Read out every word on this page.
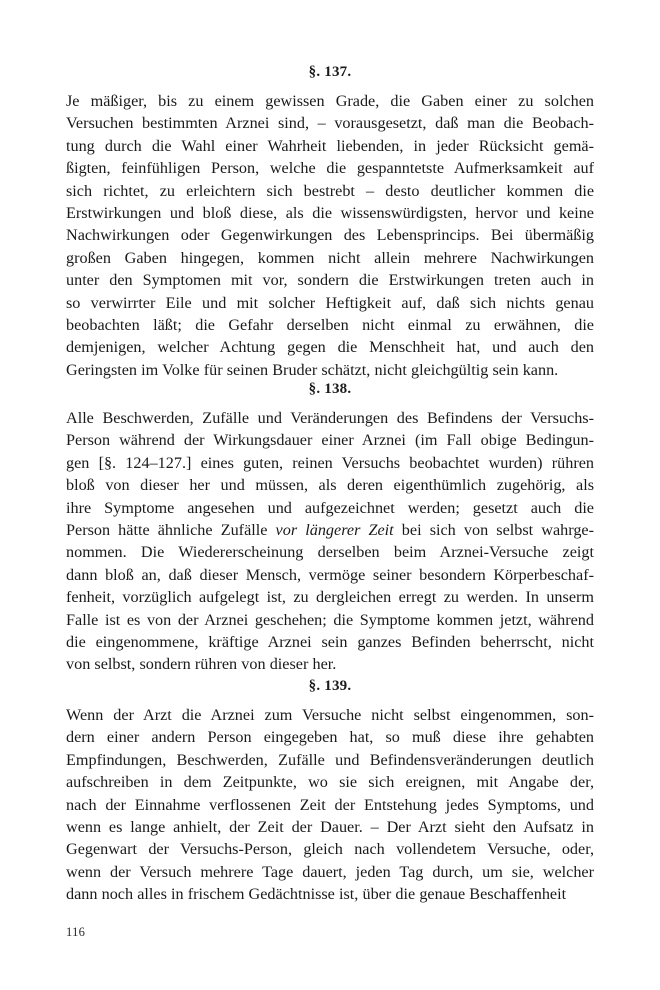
§. 137.
Je mäßiger, bis zu einem gewissen Grade, die Gaben einer zu solchen
Versuchen bestimmten Arznei sind, – vorausgesetzt, daß man die Beobach-
tung durch die Wahl einer Wahrheit liebenden, in jeder Rücksicht gemä-
ßigten, feinfühligen Person, welche die gespanntetste Aufmerksamkeit auf
sich richtet, zu erleichtern sich bestrebt – desto deutlicher kommen die
Erstwirkungen und bloß diese, als die wissenswürdigsten, hervor und keine
Nachwirkungen oder Gegenwirkungen des Lebensprincips. Bei übermäßig
großen Gaben hingegen, kommen nicht allein mehrere Nachwirkungen
unter den Symptomen mit vor, sondern die Erstwirkungen treten auch in
so verwirrter Eile und mit solcher Heftigkeit auf, daß sich nichts genau
beobachten läßt; die Gefahr derselben nicht einmal zu erwähnen, die
demjenigen, welcher Achtung gegen die Menschheit hat, und auch den
Geringsten im Volke für seinen Bruder schätzt, nicht gleichgültig sein kann.
§. 138.
Alle Beschwerden, Zufälle und Veränderungen des Befindens der Versuchs-
Person während der Wirkungsdauer einer Arznei (im Fall obige Bedingun-
gen [§. 124–127.] eines guten, reinen Versuchs beobachtet wurden) rühren
bloß von dieser her und müssen, als deren eigenthümlich zugehörig, als
ihre Symptome angesehen und aufgezeichnet werden; gesetzt auch die
Person hätte ähnliche Zufälle vor längerer Zeit bei sich von selbst wahrge-
nommen. Die Wiedererscheinung derselben beim Arznei-Versuche zeigt
dann bloß an, daß dieser Mensch, vermöge seiner besondern Körperbeschaf-
fenheit, vorzüglich aufgelegt ist, zu dergleichen erregt zu werden. In unserm
Falle ist es von der Arznei geschehen; die Symptome kommen jetzt, während
die eingenommene, kräftige Arznei sein ganzes Befinden beherrscht, nicht
von selbst, sondern rühren von dieser her.
§. 139.
Wenn der Arzt die Arznei zum Versuche nicht selbst eingenommen, son-
dern einer andern Person eingegeben hat, so muß diese ihre gehabten
Empfindungen, Beschwerden, Zufälle und Befindensveränderungen deutlich
aufschreiben in dem Zeitpunkte, wo sie sich ereignen, mit Angabe der,
nach der Einnahme verflossenen Zeit der Entstehung jedes Symptoms, und
wenn es lange anhielt, der Zeit der Dauer. – Der Arzt sieht den Aufsatz in
Gegenwart der Versuchs-Person, gleich nach vollendetem Versuche, oder,
wenn der Versuch mehrere Tage dauert, jeden Tag durch, um sie, welcher
dann noch alles in frischem Gedächtnisse ist, über die genaue Beschaffenheit
116
